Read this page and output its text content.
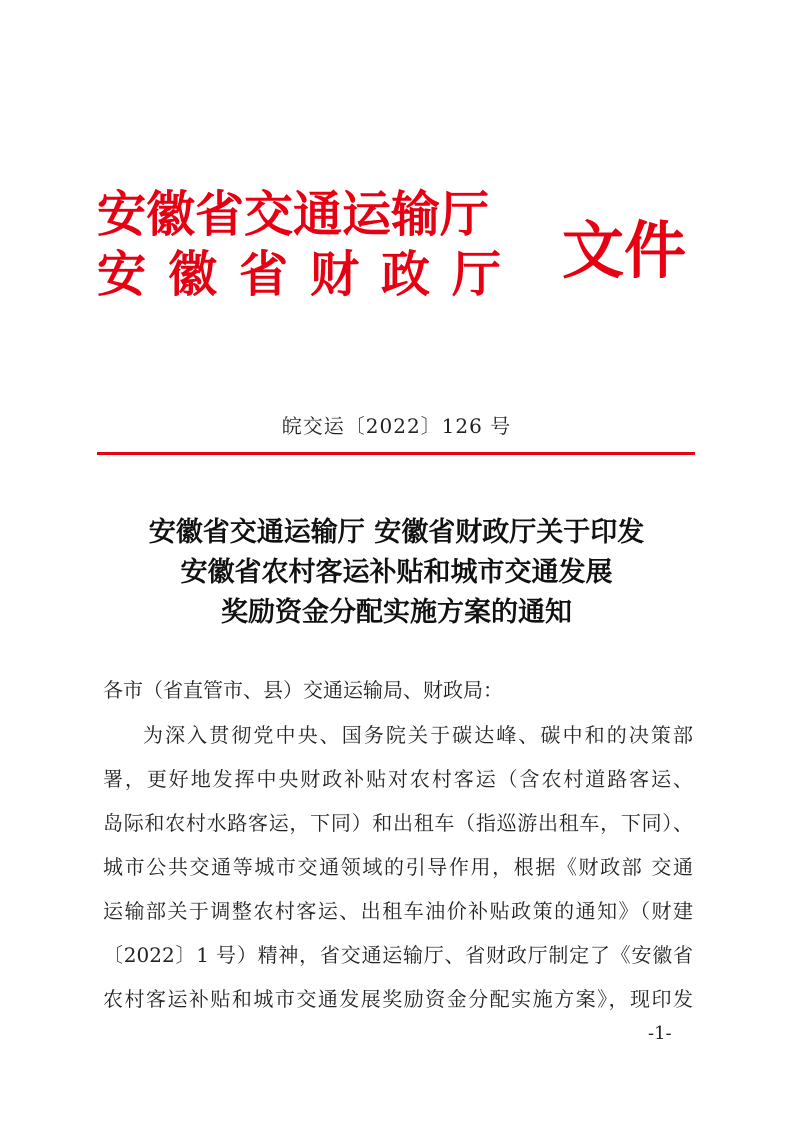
安徽省交通运输厅
安徽省财政厅 文件
皖交运〔2022〕126 号
安徽省交通运输厅 安徽省财政厅关于印发
安徽省农村客运补贴和城市交通发展
奖励资金分配实施方案的通知
各市（省直管市、县）交通运输局、财政局：
为深入贯彻党中央、国务院关于碳达峰、碳中和的决策部
署，更好地发挥中央财政补贴对农村客运（含农村道路客运、
岛际和农村水路客运，下同）和出租车（指巡游出租车，下同）、
城市公共交通等城市交通领域的引导作用，根据《财政部 交通
运输部关于调整农村客运、出租车油价补贴政策的通知》（财建
〔2022〕1 号）精神，省交通运输厅、省财政厅制定了《安徽省
农村客运补贴和城市交通发展奖励资金分配实施方案》，现印发
-1-
